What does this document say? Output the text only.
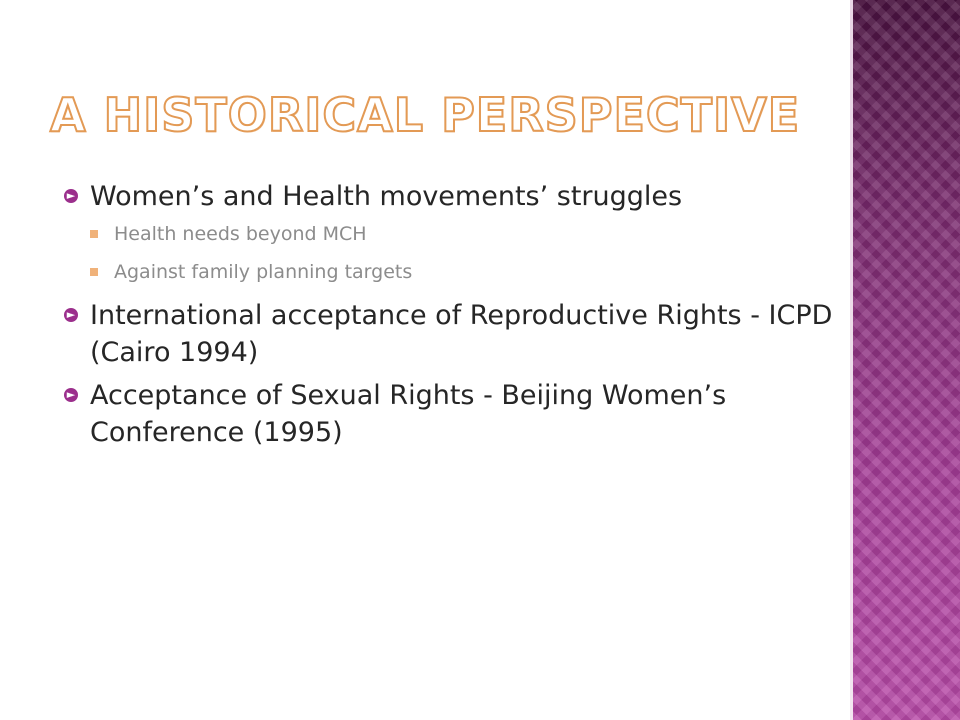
A HISTORICAL PERSPECTIVE
► Women’s and Health movements’ struggles
Health needs beyond MCH
Against family planning targets
► International acceptance of Reproductive Rights - ICPD (Cairo 1994)
► Acceptance of Sexual Rights - Beijing Women’s Conference (1995)
